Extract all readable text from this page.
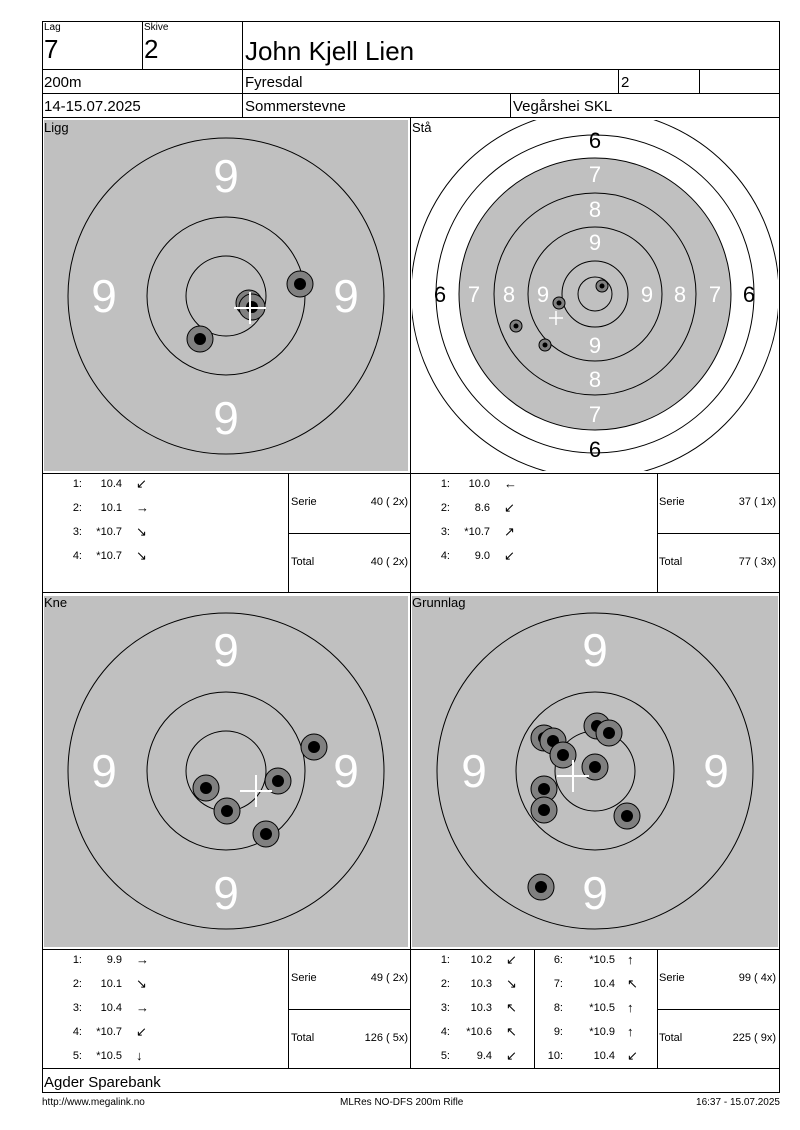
Lag
7
Skive
2	John Kjell Lien
200m	Fyresdal	2
14-15.07.2025	Sommerstevne	Vegårshei SKL
9
9
9	9
Ligg
1:	10.4 ↙
2:	10.1 →
3:	*10.7 ↘
4:	*10.7 ↘
Serie	40 ( 2x)
Total	40 ( 2x)
6
6
6	6
7
7
7	7
8
8
8	8
9
9
9	9
Stå
1:	10.0 ←
2:	8.6 ↙
3:	*10.7 ↗
4:	9.0 ↙
Serie	37 ( 1x)
Total	77 ( 3x)
9
9
9	9
Kne
1:	9.9 →
2:	10.1 ↘
3:	10.4 →
4:	*10.7 ↙
5:	*10.5 ↓
Serie	49 ( 2x)
Total	126 ( 5x)
9
9
9	9
Grunnlag
1:	10.2 ↙
2:	10.3 ↘
3:	10.3 ↖
4:	*10.6 ↖
5:	9.4 ↙
6:	*10.5 ↑
7:	10.4 ↖
8:	*10.5 ↑
9:	*10.9 ↑
10:	10.4 ↙
Serie	99 ( 4x)
Total	225 ( 9x)
Agder Sparebank
http://www.megalink.no	MLRes NO-DFS 200m Rifle	16:37 - 15.07.2025
